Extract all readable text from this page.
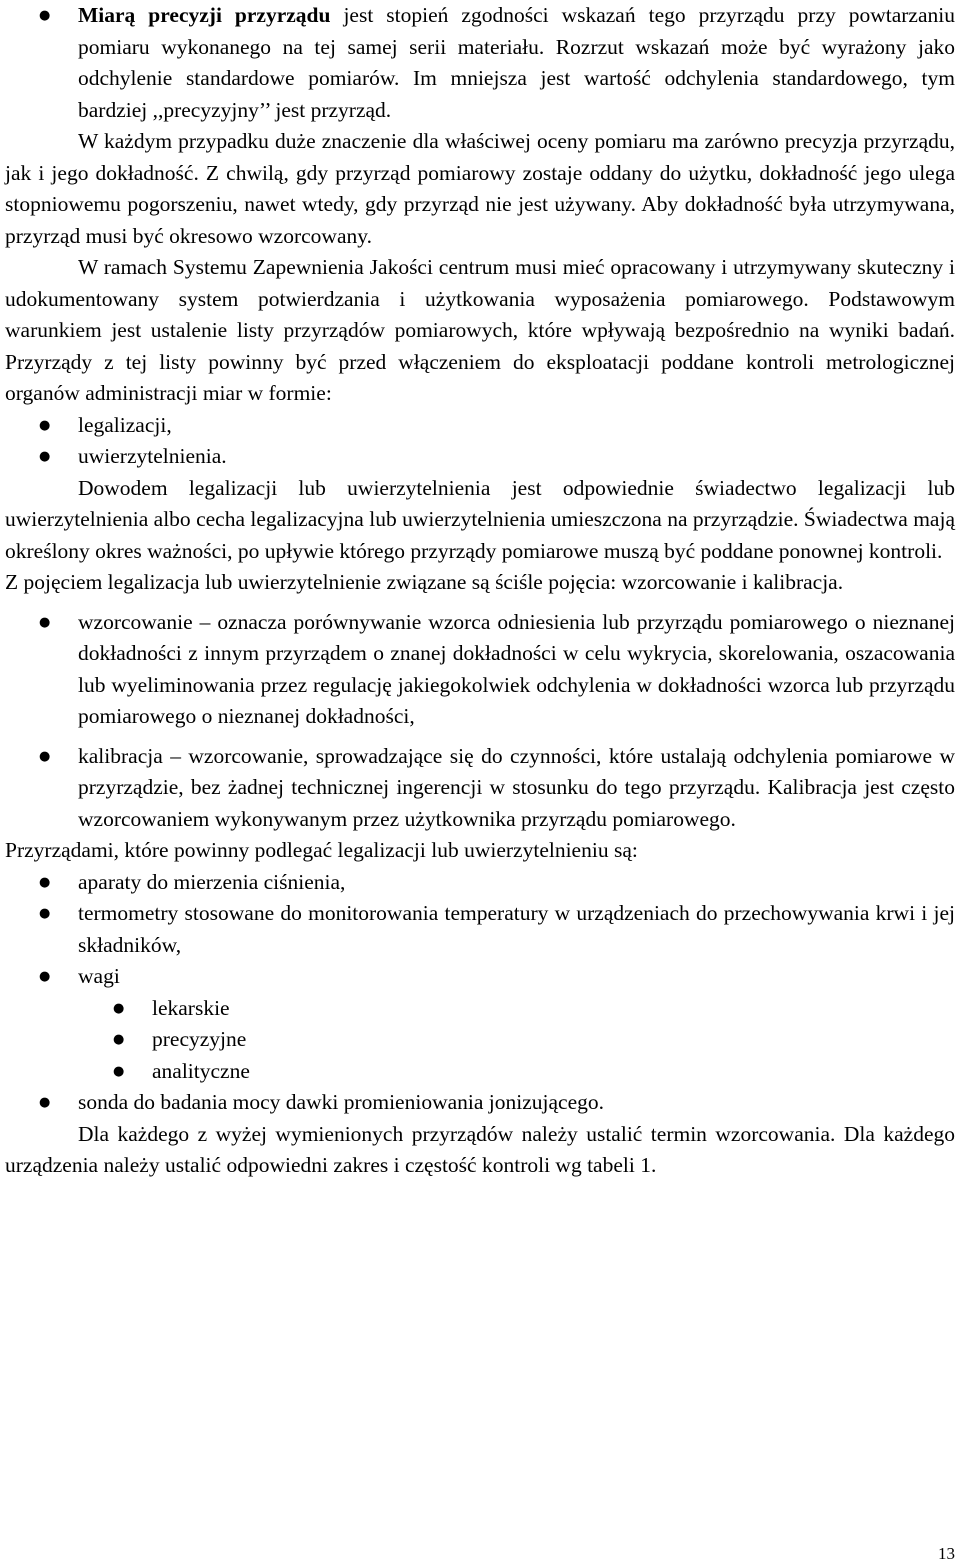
● Miarą precyzji przyrządu jest stopień zgodności wskazań tego przyrządu przy powtarzaniu pomiaru wykonanego na tej samej serii materiału. Rozrzut wskazań może być wyrażony jako odchylenie standardowe pomiarów. Im mniejsza jest wartość odchylenia standardowego, tym bardziej ,,precyzyjny’’ jest przyrząd.

W każdym przypadku duże znaczenie dla właściwej oceny pomiaru ma zarówno precyzja przyrządu, jak i jego dokładność. Z chwilą, gdy przyrząd pomiarowy zostaje oddany do użytku, dokładność jego ulega stopniowemu pogorszeniu, nawet wtedy, gdy przyrząd nie jest używany. Aby dokładność była utrzymywana, przyrząd musi być okresowo wzorcowany.

W ramach Systemu Zapewnienia Jakości centrum musi mieć opracowany i utrzymywany skuteczny i udokumentowany system potwierdzania i użytkowania wyposażenia pomiarowego. Podstawowym warunkiem jest ustalenie listy przyrządów pomiarowych, które wpływają bezpośrednio na wyniki badań. Przyrządy z tej listy powinny być przed włączeniem do eksploatacji poddane kontroli metrologicznej organów administracji miar w formie:

● legalizacji,
● uwierzytelnienia.

Dowodem legalizacji lub uwierzytelnienia jest odpowiednie świadectwo legalizacji lub uwierzytelnienia albo cecha legalizacyjna lub uwierzytelnienia umieszczona na przyrządzie. Świadectwa mają określony okres ważności, po upływie którego przyrządy pomiarowe muszą być poddane ponownej kontroli.

Z pojęciem legalizacja lub uwierzytelnienie związane są ściśle pojęcia: wzorcowanie i kalibracja.

● wzorcowanie – oznacza porównywanie wzorca odniesienia lub przyrządu pomiarowego o nieznanej dokładności z innym przyrządem o znanej dokładności w celu wykrycia, skorelowania, oszacowania lub wyeliminowania przez regulację jakiegokolwiek odchylenia w dokładności wzorca lub przyrządu pomiarowego o nieznanej dokładności,
● kalibracja – wzorcowanie, sprowadzające się do czynności, które ustalają odchylenia pomiarowe w przyrządzie, bez żadnej technicznej ingerencji w stosunku do tego przyrządu. Kalibracja jest często wzorcowaniem wykonywanym przez użytkownika przyrządu pomiarowego.

Przyrządami, które powinny podlegać legalizacji lub uwierzytelnieniu są:

● aparaty do mierzenia ciśnienia,
● termometry stosowane do monitorowania temperatury w urządzeniach do przechowywania krwi i jej składników,
● wagi
● lekarskie
● precyzyjne
● analityczne
● sonda do badania mocy dawki promieniowania jonizującego.

Dla każdego z wyżej wymienionych przyrządów należy ustalić termin wzorcowania. Dla każdego urządzenia należy ustalić odpowiedni zakres i częstość kontroli wg tabeli 1.

13
